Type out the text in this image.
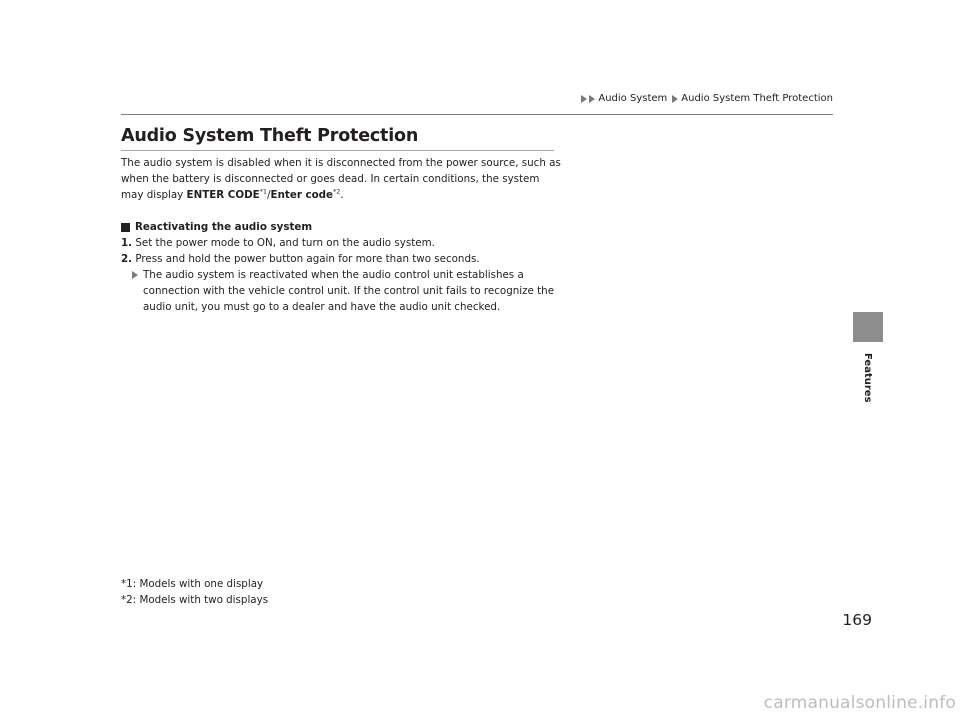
Audio System Audio System Theft Protection
Audio System Theft Protection

The audio system is disabled when it is disconnected from the power source, such as when the battery is disconnected or goes dead. In certain conditions, the system may display ENTER CODE$^{*1}$/Enter code$^{*2}$.

Reactivating the audio system

1. Set the power mode to ON, and turn on the audio system.

2. Press and hold the power button again for more than two seconds.

The audio system is reactivated when the audio control unit establishes a connection with the vehicle control unit. If the control unit fails to recognize the audio unit, you must go to a dealer and have the audio unit checked.
*1: Models with one display
*2: Models with two displays
Features
169
carmanualsonline.info
